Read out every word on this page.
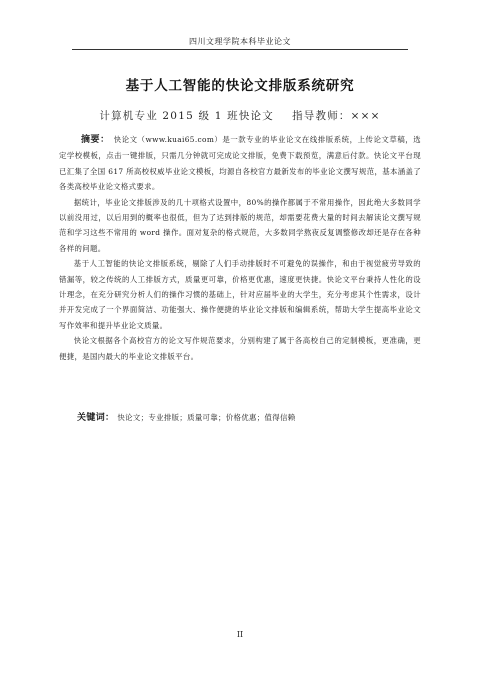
四川文理学院本科毕业论文
基于人工智能的快论文排版系统研究
计算机专业 2015 级 1 班快论文    指导教师：×××

摘要： 快论文（www.kuai65.com）是一款专业的毕业论文在线排版系统，上传论文草稿，选定学校模板，点击一键排版，只需几分钟就可完成论文排版，免费下载预览，满意后付款。快论文平台现已汇集了全国 617 所高校权威毕业论文模板，均源自各校官方最新发布的毕业论文撰写规范，基本涵盖了各类高校毕业论文格式要求。

据统计，毕业论文排版涉及的几十项格式设置中，80%的操作都属于不常用操作，因此绝大多数同学以前没用过，以后用到的概率也很低，但为了达到排版的规范，却需要花费大量的时间去解读论文撰写规范和学习这些不常用的 word 操作。面对复杂的格式规范，大多数同学熬夜反复调整修改却还是存在各种各样的问题。

基于人工智能的快论文排版系统，剔除了人们手动排版时不可避免的误操作，和由于视觉疲劳导致的错漏等，较之传统的人工排版方式，质量更可靠，价格更优惠，速度更快捷。快论文平台秉持人性化的设计理念，在充分研究分析人们的操作习惯的基础上，针对应届毕业的大学生，充分考虑其个性需求，设计并开发完成了一个界面简洁、功能强大、操作便捷的毕业论文排版和编辑系统，帮助大学生提高毕业论文写作效率和提升毕业论文质量。

快论文根据各个高校官方的论文写作规范要求，分别构建了属于各高校自己的定制模板，更准确，更便捷，是国内最大的毕业论文排版平台。

关键词： 快论文；专业排版；质量可靠；价格优惠；值得信赖
II
